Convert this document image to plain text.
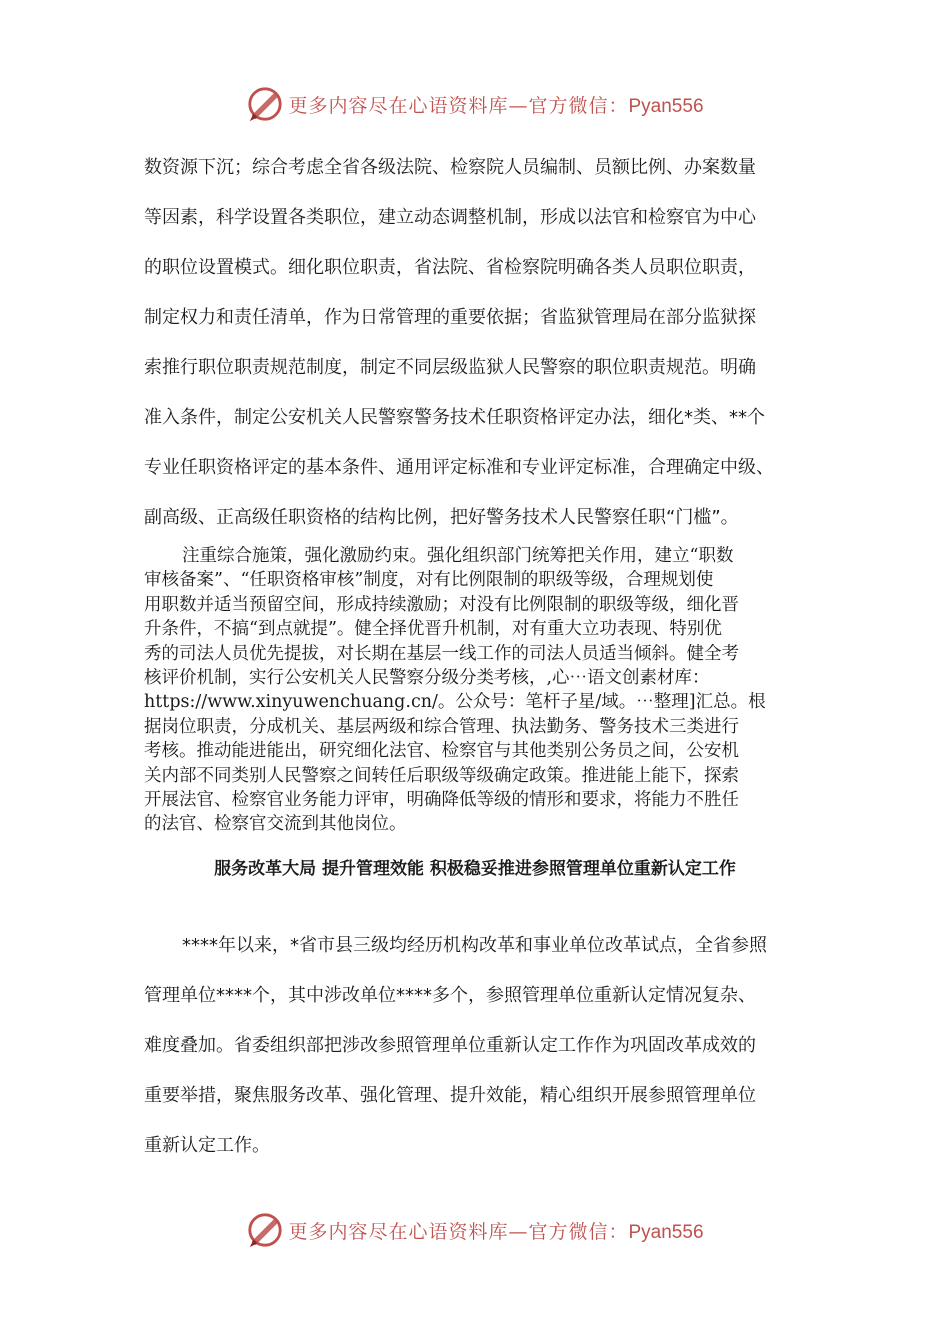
更多内容尽在心语资料库—官方微信：Pyan556

数资源下沉；综合考虑全省各级法院、检察院人员编制、员额比例、办案数量

等因素，科学设置各类职位，建立动态调整机制，形成以法官和检察官为中心

的职位设置模式。细化职位职责，省法院、省检察院明确各类人员职位职责，

制定权力和责任清单，作为日常管理的重要依据；省监狱管理局在部分监狱探

索推行职位职责规范制度，制定不同层级监狱人民警察的职位职责规范。明确

准入条件，制定公安机关人民警察警务技术任职资格评定办法，细化*类、**个

专业任职资格评定的基本条件、通用评定标准和专业评定标准，合理确定中级、

副高级、正高级任职资格的结构比例，把好警务技术人民警察任职“门槛”。

注重综合施策，强化激励约束。强化组织部门统筹把关作用，建立“职数

审核备案”、“任职资格审核”制度，对有比例限制的职级等级，合理规划使

用职数并适当预留空间，形成持续激励；对没有比例限制的职级等级，细化晋

升条件，不搞“到点就提”。健全择优晋升机制，对有重大立功表现、特别优

秀的司法人员优先提拔，对长期在基层一线工作的司法人员适当倾斜。健全考

核评价机制，实行公安机关人民警察分级分类考核，,心⋯语文创素材库：

https://www.xinyuwenchuang.cn/。公众号：笔杆子星/域。⋯整理]汇总。根

据岗位职责，分成机关、基层两级和综合管理、执法勤务、警务技术三类进行

考核。推动能进能出，研究细化法官、检察官与其他类别公务员之间，公安机

关内部不同类别人民警察之间转任后职级等级确定政策。推进能上能下，探索

开展法官、检察官业务能力评审，明确降低等级的情形和要求，将能力不胜任

的法官、检察官交流到其他岗位。

服务改革大局 提升管理效能 积极稳妥推进参照管理单位重新认定工作

****年以来，*省市县三级均经历机构改革和事业单位改革试点，全省参照

管理单位****个，其中涉改单位****多个，参照管理单位重新认定情况复杂、

难度叠加。省委组织部把涉改参照管理单位重新认定工作作为巩固改革成效的

重要举措，聚焦服务改革、强化管理、提升效能，精心组织开展参照管理单位

重新认定工作。

更多内容尽在心语资料库—官方微信：Pyan556
